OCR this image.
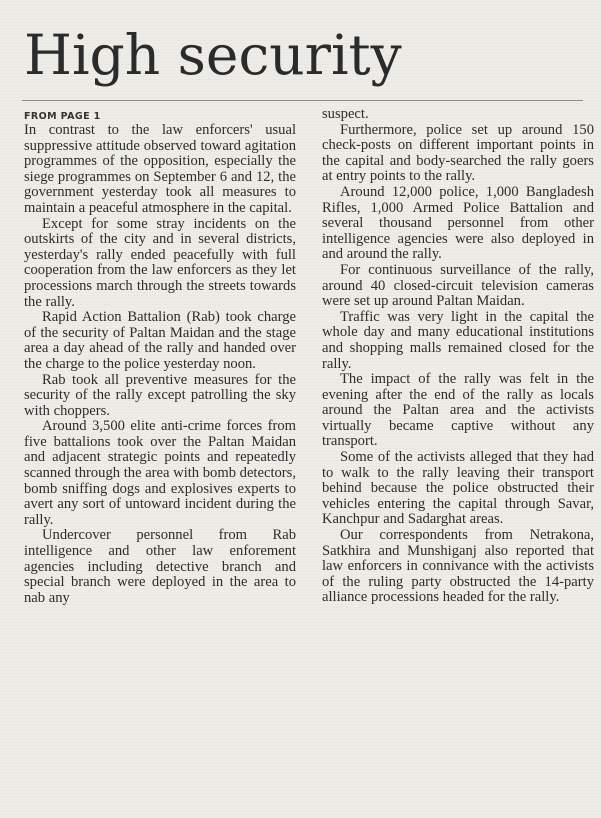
High security
FROM PAGE 1

In contrast to the law enforcers' usual suppressive attitude observed toward agitation programmes of the opposition, especially the siege programmes on September 6 and 12, the government yesterday took all measures to maintain a peaceful atmosphere in the capital.

Except for some stray incidents on the outskirts of the city and in several districts, yesterday's rally ended peacefully with full cooperation from the law enforcers as they let processions march through the streets towards the rally.

Rapid Action Battalion (Rab) took charge of the security of Paltan Maidan and the stage area a day ahead of the rally and handed over the charge to the police yesterday noon.

Rab took all preventive measures for the security of the rally except patrolling the sky with choppers.

Around 3,500 elite anti-crime forces from five battalions took over the Paltan Maidan and adjacent strategic points and repeatedly scanned through the area with bomb detectors, bomb sniffing dogs and explosives experts to avert any sort of untoward incident during the rally.

Undercover personnel from Rab intelligence and other law enforement agencies including detective branch and special branch were deployed in the area to nab any

suspect.

Furthermore, police set up around 150 check-posts on different important points in the capital and body-searched the rally goers at entry points to the rally.

Around 12,000 police, 1,000 Bangladesh Rifles, 1,000 Armed Police Battalion and several thousand personnel from other intelligence agencies were also deployed in and around the rally.

For continuous surveillance of the rally, around 40 closed-circuit television cameras were set up around Paltan Maidan.

Traffic was very light in the capital the whole day and many educational institutions and shopping malls remained closed for the rally.

The impact of the rally was felt in the evening after the end of the rally as locals around the Paltan area and the activists virtually became captive without any transport.

Some of the activists alleged that they had to walk to the rally leaving their transport behind because the police obstructed their vehicles entering the capital through Savar, Kanchpur and Sadarghat areas.

Our correspondents from Netrakona, Satkhira and Munshiganj also reported that law enforcers in connivance with the activists of the ruling party obstructed the 14-party alliance processions headed for the rally.
